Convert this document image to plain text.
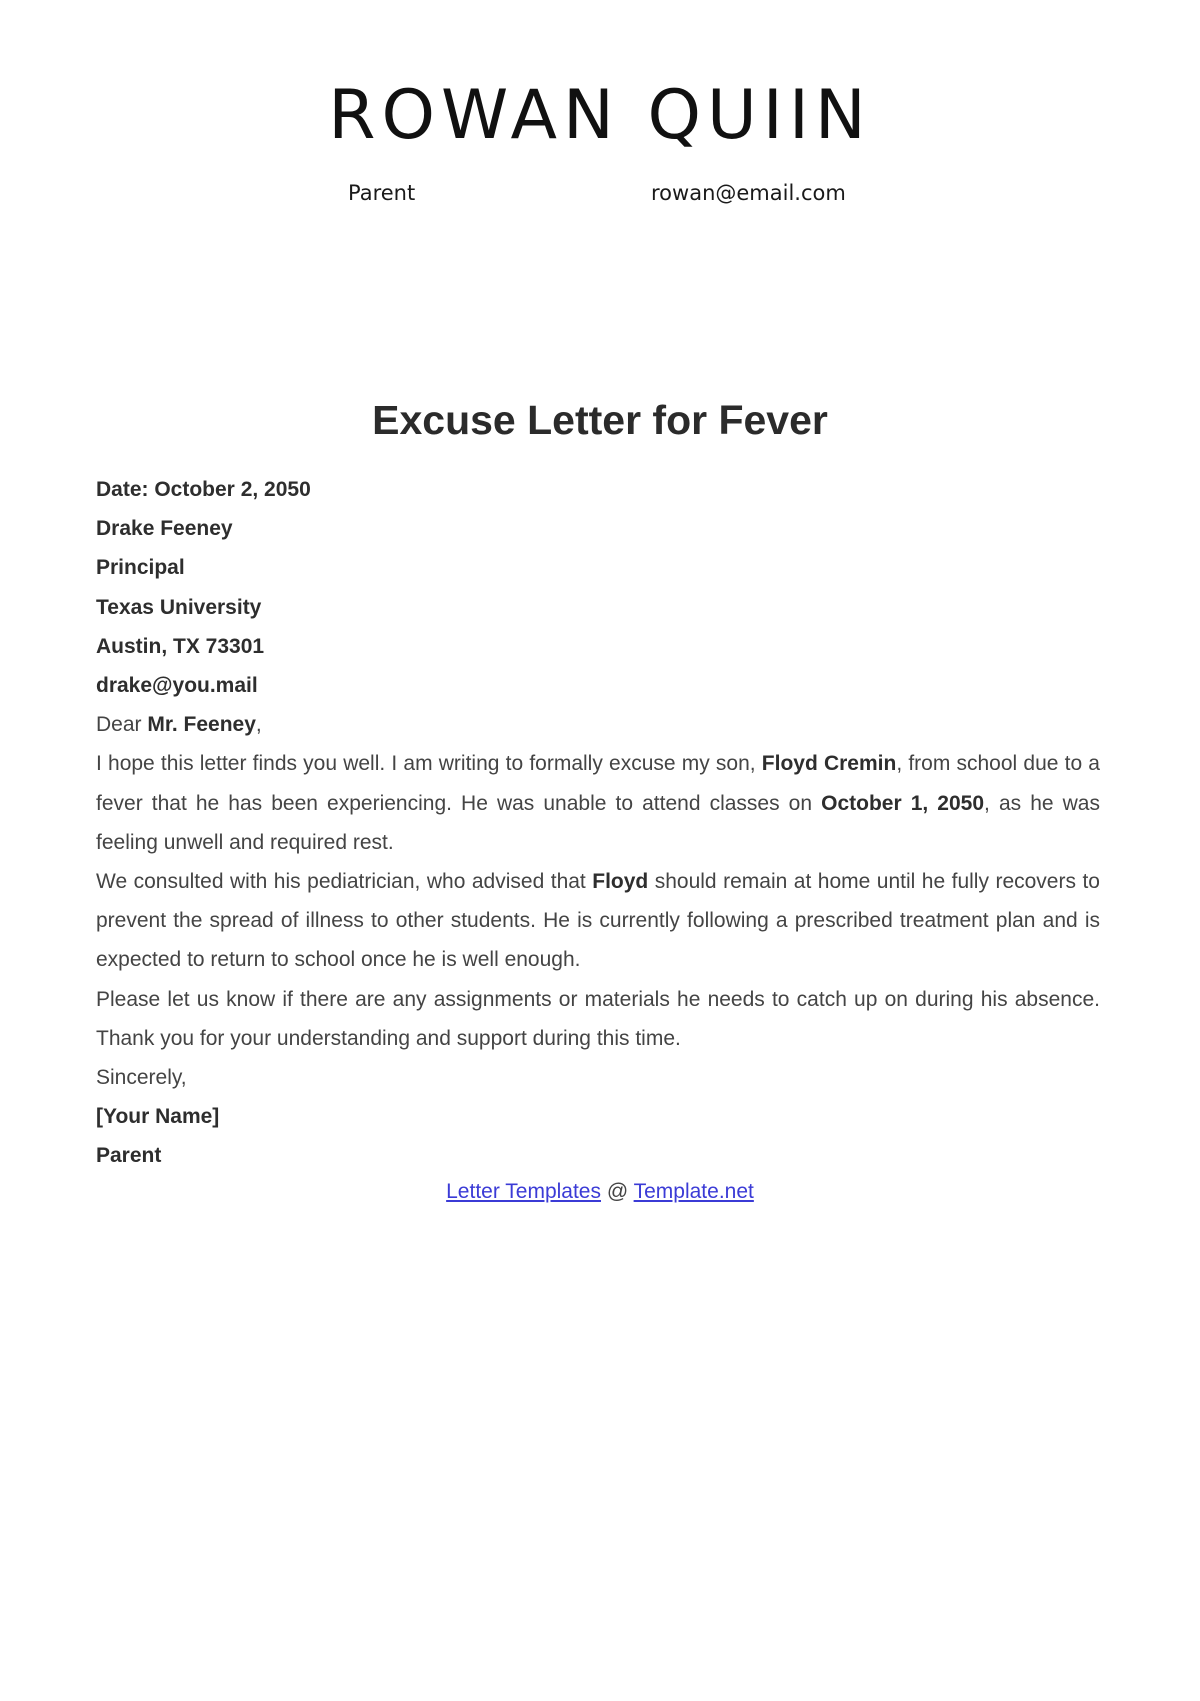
ROWAN QUIIN
Parent	rowan@email.com
Excuse Letter for Fever
Date: October 2, 2050
Drake Feeney
Principal
Texas University
Austin, TX 73301
drake@you.mail

Dear Mr. Feeney,

I hope this letter finds you well. I am writing to formally excuse my son, Floyd Cremin, from school due to a fever that he has been experiencing. He was unable to attend classes on October 1, 2050, as he was feeling unwell and required rest.

We consulted with his pediatrician, who advised that Floyd should remain at home until he fully recovers to prevent the spread of illness to other students. He is currently following a prescribed treatment plan and is expected to return to school once he is well enough.

Please let us know if there are any assignments or materials he needs to catch up on during his absence. Thank you for your understanding and support during this time.

Sincerely,
[Your Name]
Parent
Letter Templates @ Template.net
